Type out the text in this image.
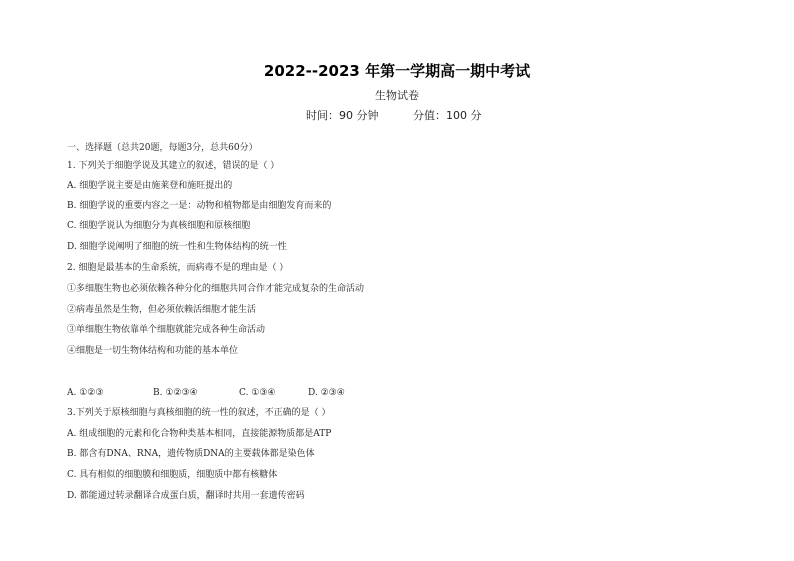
2022--2023 年第一学期高一期中考试
生物试卷
时间：90 分钟	分值：100 分
一、选择题（总共20题，每题3分，总共60分）
1. 下列关于细胞学说及其建立的叙述，错误的是（ ）
A. 细胞学说主要是由施莱登和施旺提出的
B. 细胞学说的重要内容之一是：动物和植物都是由细胞发育而来的
C. 细胞学说认为细胞分为真核细胞和原核细胞
D. 细胞学说阐明了细胞的统一性和生物体结构的统一性
2. 细胞是最基本的生命系统，而病毒不是的理由是（ ）
①多细胞生物也必须依赖各种分化的细胞共同合作才能完成复杂的生命活动
②病毒虽然是生物，但必须依赖活细胞才能生活
③单细胞生物依靠单个细胞就能完成各种生命活动
④细胞是一切生物体结构和功能的基本单位
A. ①②③	B. ①②③④	C. ①③④	D. ②③④
3.下列关于原核细胞与真核细胞的统一性的叙述，不正确的是（ ）
A. 组成细胞的元素和化合物种类基本相同，直接能源物质都是ATP
B. 都含有DNA、RNA，遗传物质DNA的主要载体都是染色体
C. 具有相似的细胞膜和细胞质，细胞质中都有核糖体
D. 都能通过转录翻译合成蛋白质，翻译时共用一套遗传密码
